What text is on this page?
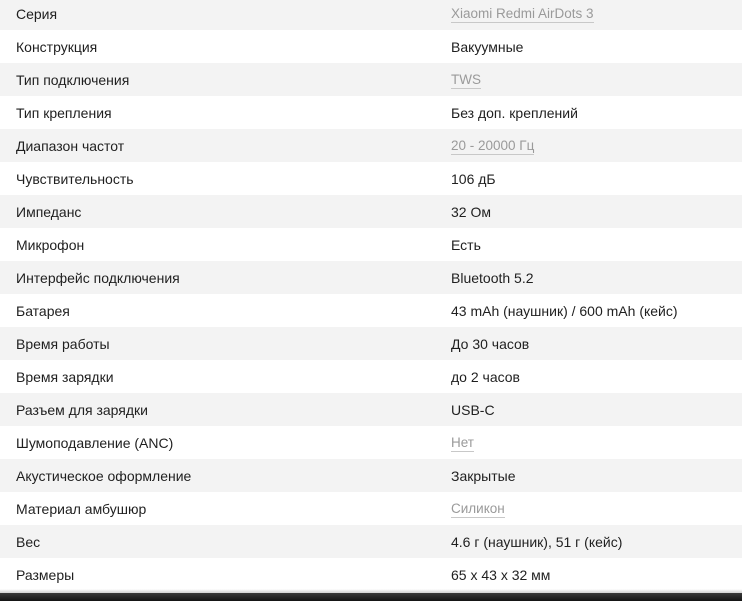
Серия	Xiaomi Redmi AirDots 3
Конструкция	Вакуумные
Тип подключения	TWS
Тип крепления	Без доп. креплений
Диапазон частот	20 - 20000 Гц
Чувствительность	106 дБ
Импеданс	32 Ом
Микрофон	Есть
Интерфейс подключения	Bluetooth 5.2
Батарея	43 mAh (наушник) / 600 mAh (кейс)
Время работы	До 30 часов
Время зарядки	до 2 часов
Разъем для зарядки	USB-C
Шумоподавление (ANC)	Нет
Акустическое оформление	Закрытые
Материал амбушюр	Силикон
Вес	4.6 г (наушник), 51 г (кейс)
Размеры	65 x 43 x 32 мм
